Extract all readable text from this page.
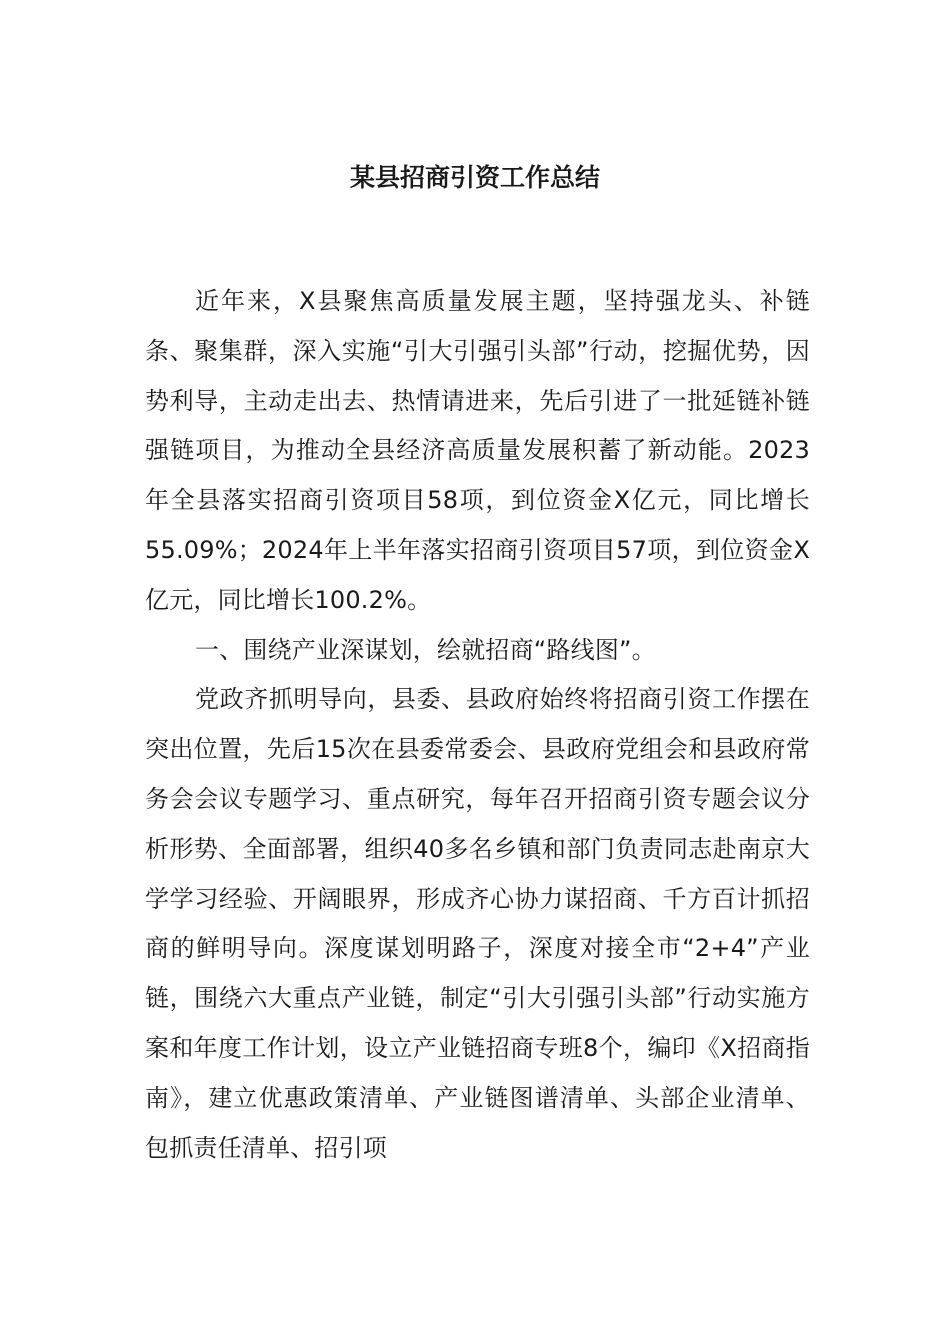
某县招商引资工作总结

近年来，X县聚焦高质量发展主题，坚持强龙头、补链条、聚集群，深入实施“引大引强引头部”行动，挖掘优势，因势利导，主动走出去、热情请进来，先后引进了一批延链补链强链项目，为推动全县经济高质量发展积蓄了新动能。2023年全县落实招商引资项目58项，到位资金X亿元，同比增长55.09%；2024年上半年落实招商引资项目57项，到位资金X亿元，同比增长100.2%。

一、围绕产业深谋划，绘就招商“路线图”。

党政齐抓明导向，县委、县政府始终将招商引资工作摆在突出位置，先后15次在县委常委会、县政府党组会和县政府常务会会议专题学习、重点研究，每年召开招商引资专题会议分析形势、全面部署，组织40多名乡镇和部门负责同志赴南京大学学习经验、开阔眼界，形成齐心协力谋招商、千方百计抓招商的鲜明导向。深度谋划明路子，深度对接全市“2+4”产业链，围绕六大重点产业链，制定“引大引强引头部”行动实施方案和年度工作计划，设立产业链招商专班8个，编印《X招商指南》，建立优惠政策清单、产业链图谱清单、头部企业清单、包抓责任清单、招引项
